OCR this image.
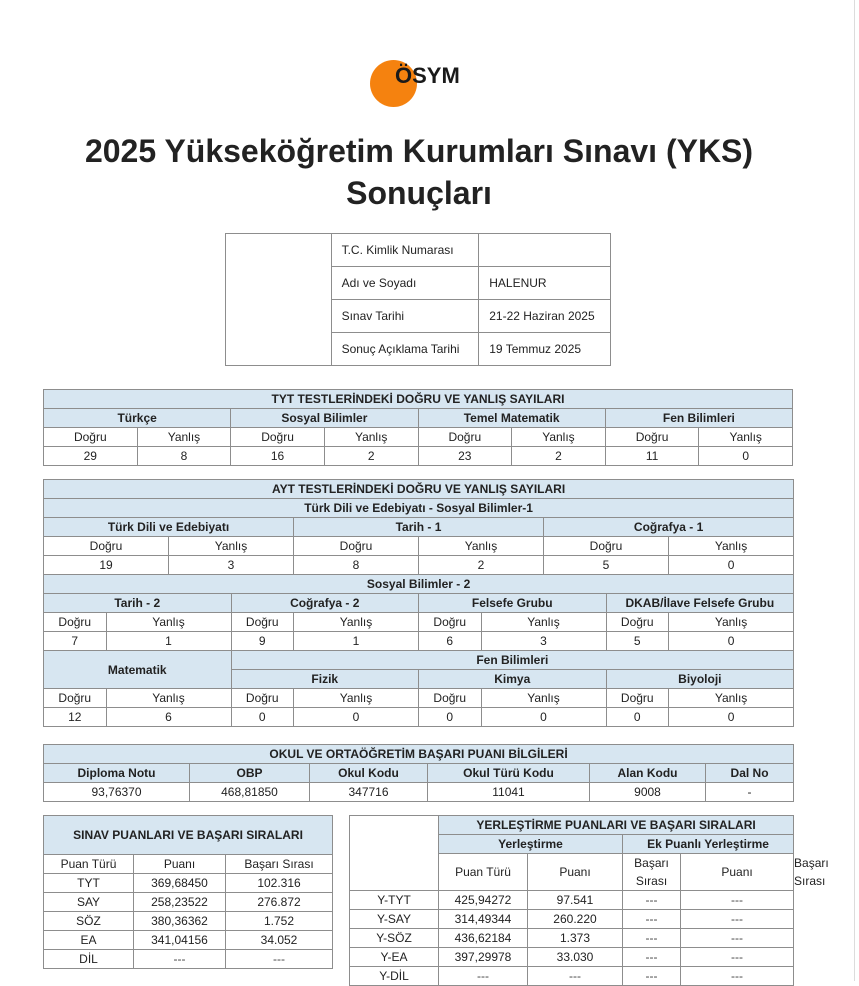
ÖSYM
2025 Yükseköğretim Kurumları Sınavı (YKS)
Sonuçları
	T.C. Kimlik Numarası	
	Adı ve Soyadı	HALENUR
	Sınav Tarihi	21-22 Haziran 2025
	Sonuç Açıklama Tarihi	19 Temmuz 2025
TYT TESTLERİNDEKİ DOĞRU VE YANLIŞ SAYILARI							
Türkçe		Sosyal Bilimler		Temel Matematik		Fen Bilimleri	
Doğru	Yanlış	Doğru	Yanlış	Doğru	Yanlış	Doğru	Yanlış
29	8	16	2	23	2	11	0
AYT TESTLERİNDEKİ DOĞRU VE YANLIŞ SAYILARI									
Türk Dili ve Edebiyatı - Sosyal Bilimler-1									
Türk Dili ve Edebiyatı				Tarih - 1			Coğrafya - 1		
Doğru		Yanlış		Doğru	Yanlış		Doğru		Yanlış
19		3		8	2		5		0
Sosyal Bilimler - 2									
Tarih - 2			Coğrafya - 2		Felsefe Grubu			DKAB/İlave Felsefe Grubu	
Doğru	Yanlış		Doğru	Yanlış	Doğru	Yanlış		Doğru	Yanlış
7	1		9	1	6	3		5	0
Matematik			Fen Bilimleri						
			Fizik		Kimya			Biyoloji	
Doğru	Yanlış		Doğru	Yanlış	Doğru	Yanlış		Doğru	Yanlış
12	6		0	0	0	0		0	0
OKUL VE ORTAÖĞRETİM BAŞARI PUANI BİLGİLERİ					
Diploma Notu	OBP	Okul Kodu	Okul Türü Kodu	Alan Kodu	Dal No
93,76370	468,81850	347716	11041	9008	-
SINAV PUANLARI VE BAŞARI SIRALARI		
Puan Türü	Puanı	Başarı Sırası
TYT	369,68450	102.316
SAY	258,23522	276.872
SÖZ	380,36362	1.752
EA	341,04156	34.052
DİL	---	---
	YERLEŞTİRME PUANLARI VE BAŞARI SIRALARI				
	Yerleştirme		Ek Puanlı Yerleştirme		
	Puan Türü	Puanı	Başarı Sırası	Puanı	Başarı Sırası
Y-TYT	425,94272	97.541	---	---	
Y-SAY	314,49344	260.220	---	---	
Y-SÖZ	436,62184	1.373	---	---	
Y-EA	397,29978	33.030	---	---	
Y-DİL	---	---	---	---	
